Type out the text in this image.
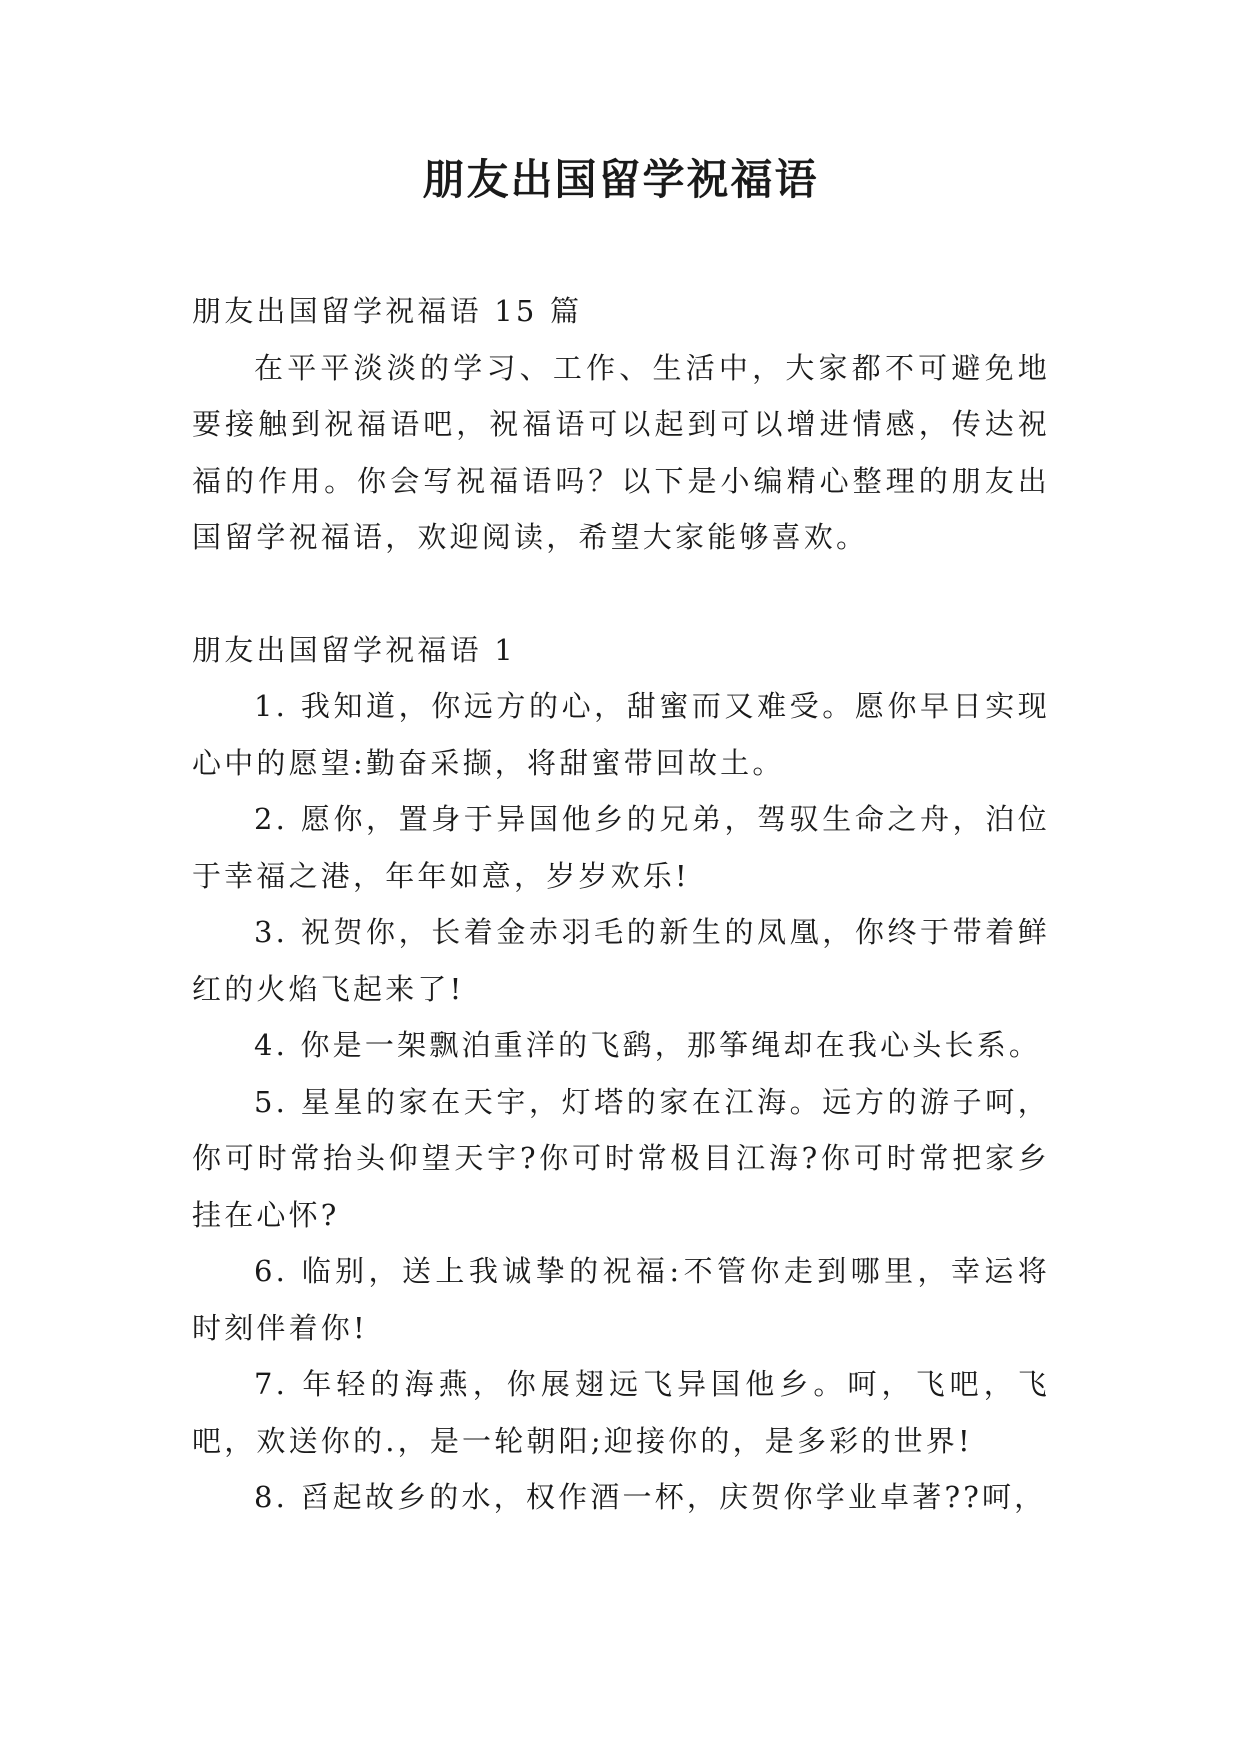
朋友出国留学祝福语

朋友出国留学祝福语 15 篇

在平平淡淡的学习、工作、生活中，大家都不可避免地要接触到祝福语吧，祝福语可以起到可以增进情感，传达祝福的作用。你会写祝福语吗？以下是小编精心整理的朋友出国留学祝福语，欢迎阅读，希望大家能够喜欢。

朋友出国留学祝福语 1

1. 我知道，你远方的心，甜蜜而又难受。愿你早日实现心中的愿望:勤奋采撷，将甜蜜带回故土。

2. 愿你，置身于异国他乡的兄弟，驾驭生命之舟，泊位于幸福之港，年年如意，岁岁欢乐!

3. 祝贺你，长着金赤羽毛的新生的凤凰，你终于带着鲜红的火焰飞起来了!

4. 你是一架飘泊重洋的飞鹞，那筝绳却在我心头长系。

5. 星星的家在天宇，灯塔的家在江海。远方的游子呵，你可时常抬头仰望天宇?你可时常极目江海?你可时常把家乡挂在心怀?

6. 临别，送上我诚挚的祝福:不管你走到哪里，幸运将时刻伴着你!

7. 年轻的海燕，你展翅远飞异国他乡。呵，飞吧，飞吧，欢送你的.，是一轮朝阳;迎接你的，是多彩的世界!

8. 舀起故乡的水，权作酒一杯，庆贺你学业卓著??呵，
